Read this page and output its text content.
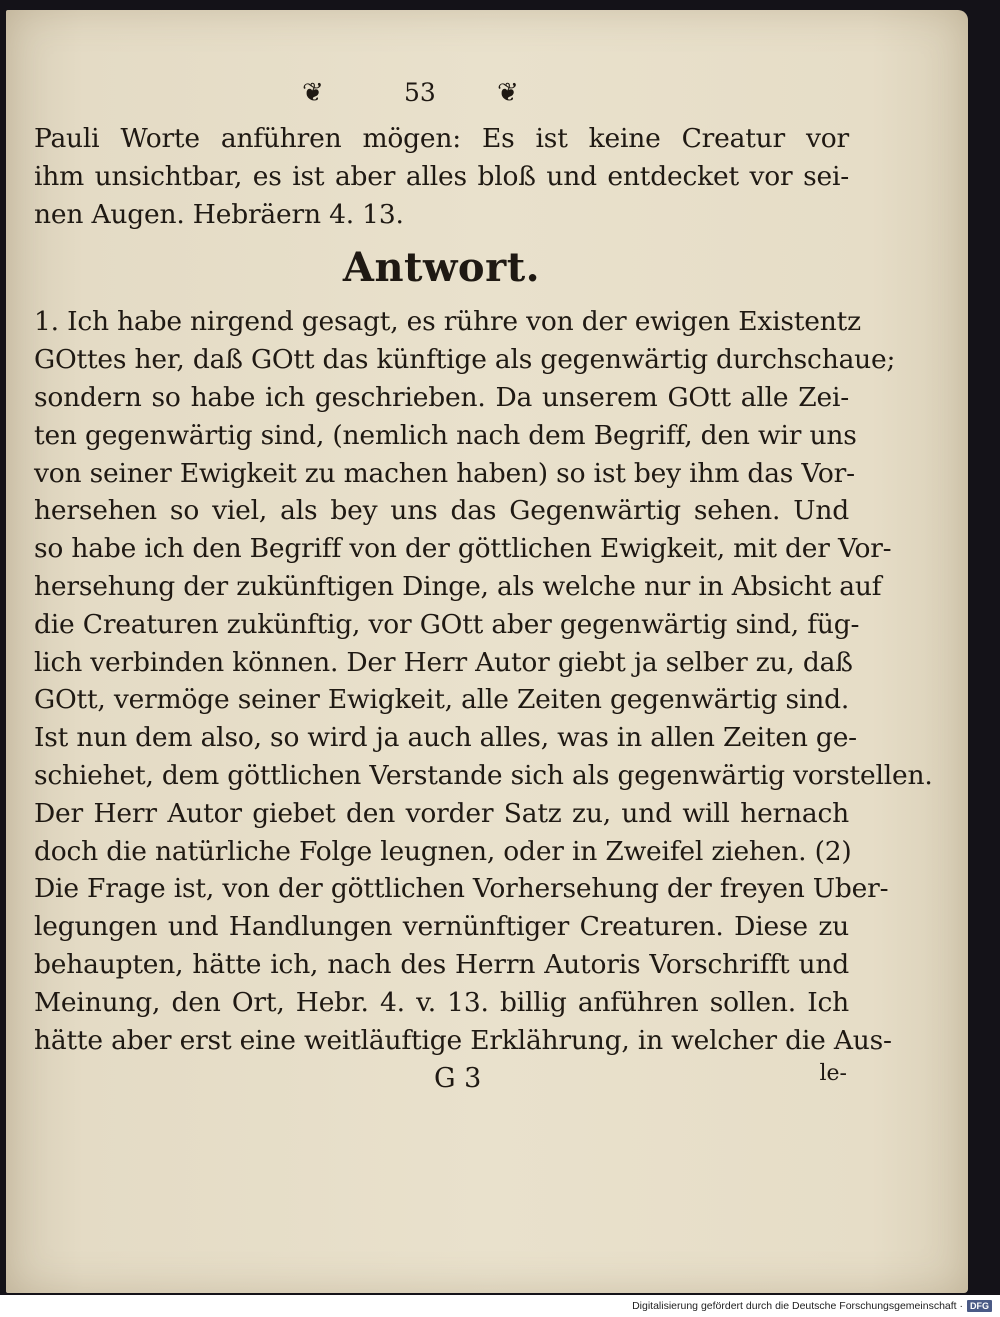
❦	53 ❦
Pauli Worte anführen mögen: Es ist keine Creatur vor
ihm unsichtbar, es ist aber alles bloß und entdecket vor sei-
nen Augen. Hebräern 4. 13.
Antwort.
1. Ich habe nirgend gesagt, es rühre von der ewigen Existentz
GOttes her, daß GOtt das künftige als gegenwärtig durchschaue;
sondern so habe ich geschrieben. Da unserem GOtt alle Zei-
ten gegenwärtig sind, (nemlich nach dem Begriff, den wir uns
von seiner Ewigkeit zu machen haben) so ist bey ihm das Vor-
hersehen so viel, als bey uns das Gegenwärtig sehen. Und
so habe ich den Begriff von der göttlichen Ewigkeit, mit der Vor-
hersehung der zukünftigen Dinge, als welche nur in Absicht auf
die Creaturen zukünftig, vor GOtt aber gegenwärtig sind, füg-
lich verbinden können. Der Herr Autor giebt ja selber zu, daß
GOtt, vermöge seiner Ewigkeit, alle Zeiten gegenwärtig sind.
Ist nun dem also, so wird ja auch alles, was in allen Zeiten ge-
schiehet, dem göttlichen Verstande sich als gegenwärtig vorstellen.
Der Herr Autor giebet den vorder Satz zu, und will hernach
doch die natürliche Folge leugnen, oder in Zweifel ziehen. (2)
Die Frage ist, von der göttlichen Vorhersehung der freyen Uber-
legungen und Handlungen vernünftiger Creaturen. Diese zu
behaupten, hätte ich, nach des Herrn Autoris Vorschrifft und
Meinung, den Ort, Hebr. 4. v. 13. billig anführen sollen. Ich
hätte aber erst eine weitläuftige Erklährung, in welcher die Aus-
G 3	le-
Digitalisierung gefördert durch die Deutsche Forschungsgemeinschaft · DFG
